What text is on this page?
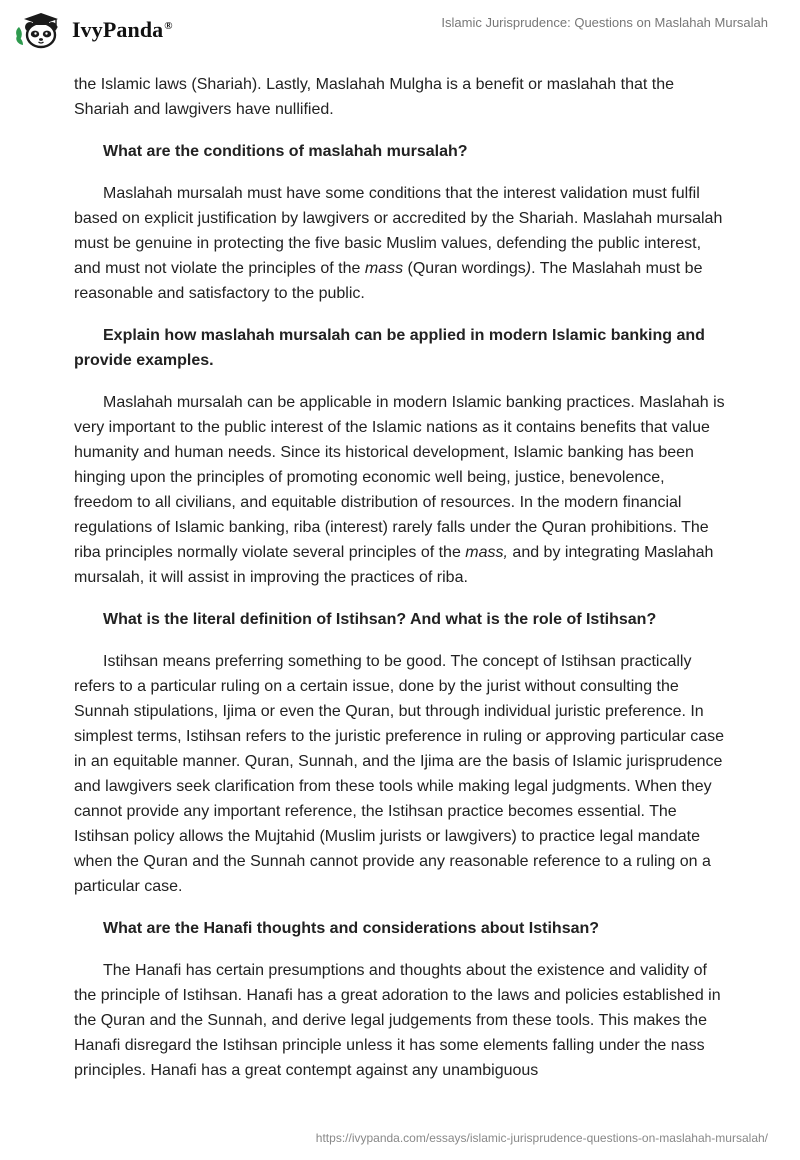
IvyPanda®	Islamic Jurisprudence: Questions on Maslahah Mursalah

the Islamic laws (Shariah). Lastly, Maslahah Mulgha is a benefit or maslahah that the Shariah and lawgivers have nullified.

What are the conditions of maslahah mursalah?

Maslahah mursalah must have some conditions that the interest validation must fulfil based on explicit justification by lawgivers or accredited by the Shariah. Maslahah mursalah must be genuine in protecting the five basic Muslim values, defending the public interest, and must not violate the principles of the mass (Quran wordings). The Maslahah must be reasonable and satisfactory to the public.

Explain how maslahah mursalah can be applied in modern Islamic banking and provide examples.

Maslahah mursalah can be applicable in modern Islamic banking practices. Maslahah is very important to the public interest of the Islamic nations as it contains benefits that value humanity and human needs. Since its historical development, Islamic banking has been hinging upon the principles of promoting economic well being, justice, benevolence, freedom to all civilians, and equitable distribution of resources. In the modern financial regulations of Islamic banking, riba (interest) rarely falls under the Quran prohibitions. The riba principles normally violate several principles of the mass, and by integrating Maslahah mursalah, it will assist in improving the practices of riba.

What is the literal definition of Istihsan? And what is the role of Istihsan?

Istihsan means preferring something to be good. The concept of Istihsan practically refers to a particular ruling on a certain issue, done by the jurist without consulting the Sunnah stipulations, Ijima or even the Quran, but through individual juristic preference. In simplest terms, Istihsan refers to the juristic preference in ruling or approving particular case in an equitable manner. Quran, Sunnah, and the Ijima are the basis of Islamic jurisprudence and lawgivers seek clarification from these tools while making legal judgments. When they cannot provide any important reference, the Istihsan practice becomes essential. The Istihsan policy allows the Mujtahid (Muslim jurists or lawgivers) to practice legal mandate when the Quran and the Sunnah cannot provide any reasonable reference to a ruling on a particular case.

What are the Hanafi thoughts and considerations about Istihsan?

The Hanafi has certain presumptions and thoughts about the existence and validity of the principle of Istihsan. Hanafi has a great adoration to the laws and policies established in the Quran and the Sunnah, and derive legal judgements from these tools. This makes the Hanafi disregard the Istihsan principle unless it has some elements falling under the nass principles. Hanafi has a great contempt against any unambiguous

https://ivypanda.com/essays/islamic-jurisprudence-questions-on-maslahah-mursalah/
